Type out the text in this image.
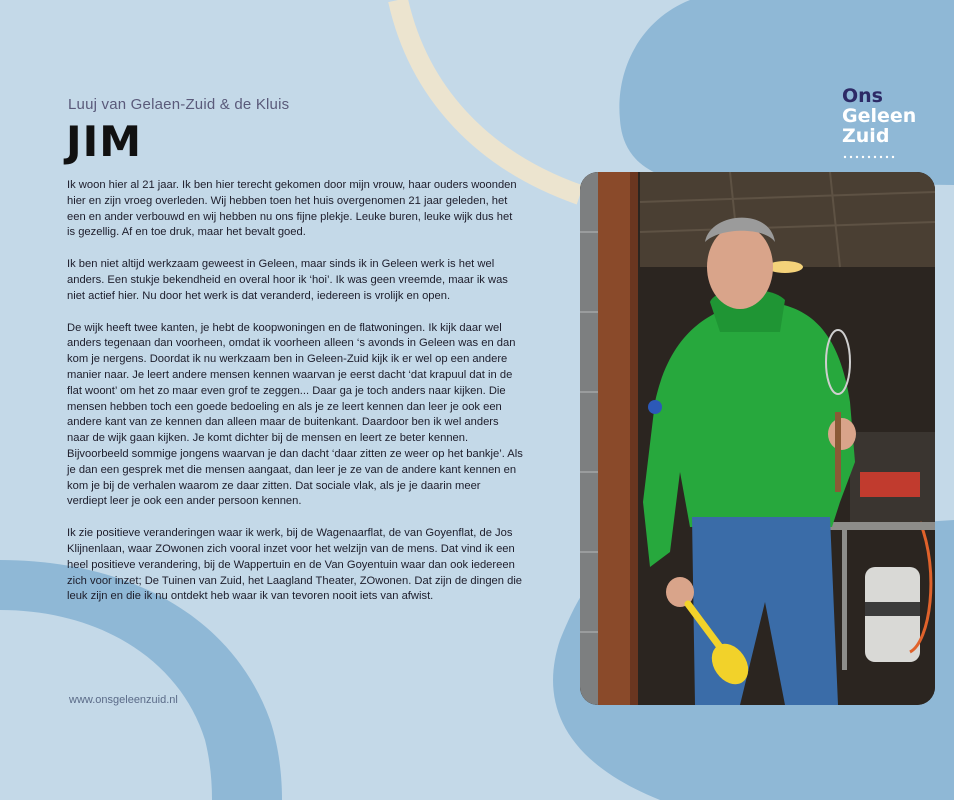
Luuj van Gelaen-Zuid & de Kluis
JIM

Ik woon hier al 21 jaar. Ik ben hier terecht gekomen door mijn vrouw, haar ouders woonden hier en zijn vroeg overleden. Wij hebben toen het huis overgenomen 21 jaar geleden, het een en ander verbouwd en wij hebben nu ons fijne plekje. Leuke buren, leuke wijk dus het is gezellig. Af en toe druk, maar het bevalt goed.

Ik ben niet altijd werkzaam geweest in Geleen, maar sinds ik in Geleen werk is het wel anders. Een stukje bekendheid en overal hoor ik ‘hoi’. Ik was geen vreemde, maar ik was niet actief hier. Nu door het werk is dat veranderd, iedereen is vrolijk en open.

De wijk heeft twee kanten, je hebt de koopwoningen en de flatwoningen. Ik kijk daar wel anders tegenaan dan voorheen, omdat ik voorheen alleen ‘s avonds in Geleen was en dan kom je nergens. Doordat ik nu werkzaam ben in Geleen-Zuid kijk ik er wel op een andere manier naar. Je leert andere mensen kennen waarvan je eerst dacht ‘dat krapuul dat in de flat woont’ om het zo maar even grof te zeggen... Daar ga je toch anders naar kijken. Die mensen hebben toch een goede bedoeling en als je ze leert kennen dan leer je ook een andere kant van ze kennen dan alleen maar de buitenkant. Daardoor ben ik wel anders naar de wijk gaan kijken. Je komt dichter bij de mensen en leert ze beter kennen. Bijvoorbeeld sommige jongens waarvan je dan dacht ‘daar zitten ze weer op het bankje’. Als je dan een gesprek met die mensen aangaat, dan leer je ze van de andere kant kennen en kom je bij de verhalen waarom ze daar zitten. Dat sociale vlak, als je je daarin meer verdiept leer je ook een ander persoon kennen.

Ik zie positieve veranderingen waar ik werk, bij de Wagenaarflat, de van Goyenflat, de Jos Klijnenlaan, waar ZOwonen zich vooral inzet voor het welzijn van de mens. Dat vind ik een heel positieve verandering, bij de Wappertuin en de Van Goyentuin waar dan ook iedereen zich voor inzet; De Tuinen van Zuid, het Laagland Theater, ZOwonen. Dat zijn de dingen die leuk zijn en die ik nu ontdekt heb waar ik van tevoren nooit iets van afwist.

www.onsgeleenzuid.nl
Ons
Geleen
Zuid
